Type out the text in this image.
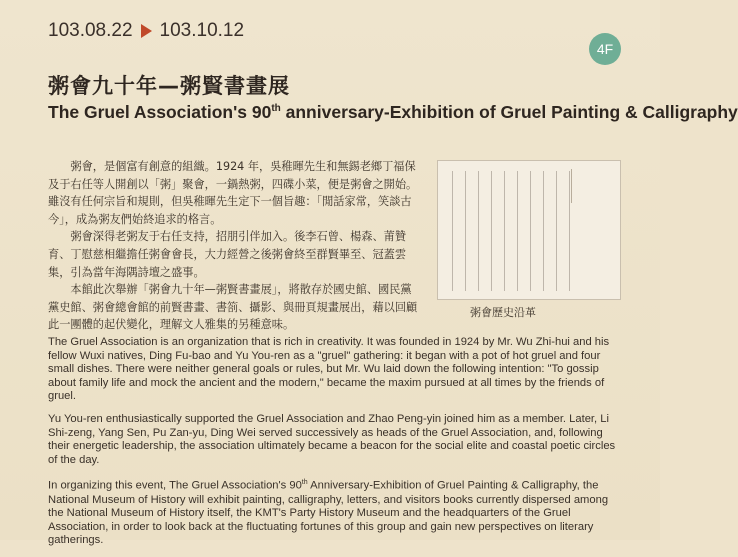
103.08.22 103.10.12
4F
粥會九十年—粥賢書畫展
The Gruel Association's 90th anniversary-Exhibition of Gruel Painting & Calligraphy

粥會，是個富有創意的組織。1924 年，吳稚暉先生和無錫老鄉丁福保及于右任等人開創以「粥」聚會，一鍋熱粥，四碟小菜，便是粥會之開始。雖沒有任何宗旨和規則，但吳稚暉先生定下一個旨趣：「閒話家常，笑談古今」，成為粥友們始終追求的格言。

粥會深得老粥友于右任支持，招朋引伴加入。後李石曾、楊森、莆贊育、丁慰慈相繼擔任粥會會長，大力經營之後粥會終至群賢畢至、冠蓋雲集，引為當年海隅詩壇之盛事。

本館此次舉辦「粥會九十年—粥賢書畫展」，將散存於國史館、國民黨黨史館、粥會總會館的前賢書畫、書箚、攝影、與冊頁規畫展出，藉以回顧此一團體的起伏變化，理解文人雅集的另種意味。

粥會歷史沿革

The Gruel Association is an organization that is rich in creativity. It was founded in 1924 by Mr. Wu Zhi-hui and his fellow Wuxi natives, Ding Fu-bao and Yu You-ren as a "gruel" gathering: it began with a pot of hot gruel and four small dishes. There were neither general goals or rules, but Mr. Wu laid down the following intention: "To gossip about family life and mock the ancient and the modern," became the maxim pursued at all times by the friends of gruel.

Yu You-ren enthusiastically supported the Gruel Association and Zhao Peng-yin joined him as a member. Later, Li Shi-zeng, Yang Sen, Pu Zan-yu, Ding Wei served successively as heads of the Gruel Association, and, following their energetic leadership, the association ultimately became a beacon for the social elite and coastal poetic circles of the day.

In organizing this event, The Gruel Association's 90th Anniversary-Exhibition of Gruel Painting & Calligraphy, the National Museum of History will exhibit painting, calligraphy, letters, and visitors books currently dispersed among the National Museum of History itself, the KMT's Party History Museum and the headquarters of the Gruel Association, in order to look back at the fluctuating fortunes of this group and gain new perspectives on literary gatherings.
